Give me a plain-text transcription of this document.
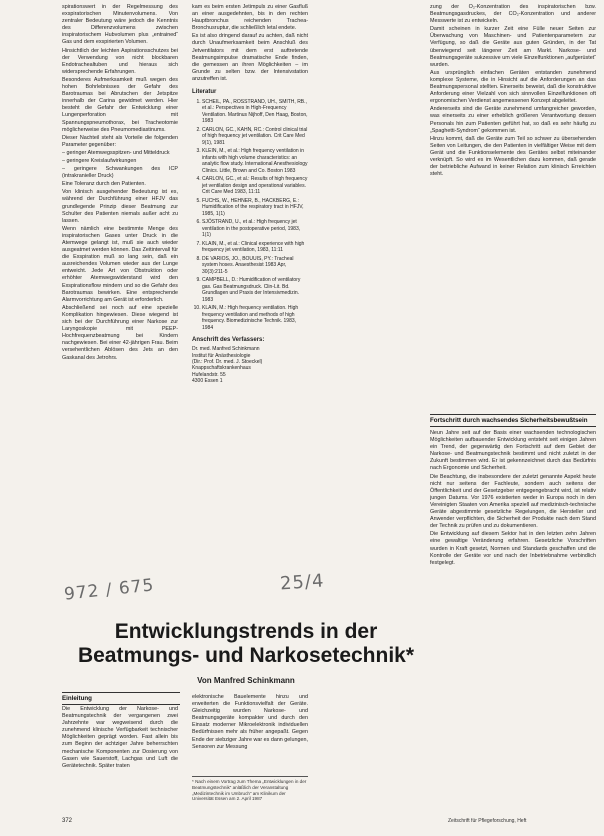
spirationswert in der Regelmessung des exspiratorischen Minutenvolumens. Von zentraler Bedeutung wäre jedoch die Kenntnis des Differenzvolumens zwischen inspiratorischem Hubvolumen plus „entrained“ Gas und dem exspirierten Volumen.

Hinsichtlich der leichten Aspirationsschutzes bei der Verwendung von nicht blockbaren Endotrachealtuben und hieraus sich widersprechende Erfahrungen.

Besonderes Aufmerksamkeit muß wegen des hohen Bohrlebnisses der Gefahr des Barotraumas bei Abrutschen der Jetspitze innerhalb der Carina gewidmet werden. Hier besteht die Gefahr der Entwicklung einer Lungenperforation mit Spannungspneumothorax, bei Tracheotomie möglicherweise des Pneumomediastinums.

Dieser Nachteil steht als Vorteile die folgenden Parameter gegenüber:

– geringer Atemwegsspitzen- und Mitteldruck

– geringere Kreislaufwirkungen

– geringere Schwankungen des ICP (intrakranieller Druck)

Eine Toleranz durch den Patienten.

Von klinisch ausgehender Bedeutung ist es, während der Durchführung einer HFJV das grundlegende Prinzip dieser Beatmung zur Schulter des Patienten niemals außer acht zu lassen.

Wenn nämlich eine bestimmte Menge des inspiratorischen Gases unter Druck in die Atemwege gelangt ist, muß sie auch wieder ausgeatmet werden können. Das Zeitintervall für die Exspiration muß so lang sein, daß ein ausreichendes Volumen wieder aus der Lunge entweicht. Jede Art von Obstruktion oder erhöhter Atemwegswiderstand wird den Exspirationsflow mindern und so die Gefahr des Barotraumas bewirken. Eine entsprechende Alarmvorrichtung am Gerät ist erforderlich.

Abschließend sei noch auf eine spezielle Komplikation hingewiesen. Diese wiegend ist sich bei der Durchführung einer Narkose zur Laryngoskopie mit PEEP-Hochfrequenzbeatmung bei Kindern nachgewiesen. Bei einer 42-jährigen Frau. Beim versehentlichen Ablösen des Jets an den Gaskanal des Jetrohrs.

kam es beim ersten Jetimpuls zu einer Gasfluß an einer ausgedehnten, bis in den rechten Hauptbronchus reichenden Trachea-Bronchusruptur, die schließlich letal endete.

Es ist also dringend darauf zu achten, daß nicht durch Unaufmerksamkeit beim Anschluß des Jetventilators mit dem erst auftretende Beatmungsimpulse dramatische Ende finden, die gemessen an ihren Möglichkeiten – im Grunde zu selten bzw. der Intensivstation anzutreffen ist.

Literatur
1. SCHEIL, PA., ROSSTRAND, UH., SMITH, RB., et al.: Perspectives in High-Frequency Ventilation. Martinus Nijhoff, Den Haag, Boston, 1983
2. CARLON, GC., KAHN, RC.: Control clinical trial of high frequency jet ventilation. Crit Care Med 9(1), 1981
3. KLEIN, M., et al.: High frequency ventilation in infants with high volume characteristics: an analytic flow study. International Anesthesiology Clinics. Little, Brown and Co. Boston 1983
4. CARLON, GC., et al.: Results of high frequency jet ventilation design and operational variables. Crit Care Med 1983, 11:11
5. FUCHS, W., HEHNER, B., HACKBERG, E.: Humidification of the respiratory tract in HFJV, 1985, 1(1)
6. SJÖSTRAND, U., et al.: High frequency jet ventilation in the postoperative period, 1983, 1(1)
7. KLAIN, M., et al.: Clinical experience with high frequency jet ventilation, 1983, 11:11
8. DE VARIOS, JO., BOUUIS, PY.: Tracheal system hoses. Anaesthesist 1983 Apr, 30(3):211-5
9. CAMPBELL, D.: Humidification of ventilatory gas. Gas Beatmungsdruck. Clin-Lit. Bd. Grundlagen und Praxis der Intensivmedizin. 1983
10. KLAIN, M.: High frequency ventilation. High frequency ventilation and methods of high frequency. Biomedizinische Technik. 1983, 1984
Anschrift des Verfassers:
Dr. med. Manfred Schinkmann
Institut für Anästhesiologie
(Dir.: Prof. Dr. med. J. Stoeckel)
Knappschaftskrankenhaus
Hufelandstr. 55
4300 Essen 1

zung der O₂-Konzentration des inspiratorischen bzw. Beatmungsgasdruckes, der CO₂-Konzentration und anderer Messwerte ist zu entwickeln.

Damit scheinen in kurzer Zeit eine Fülle neuer Seiten zur Überwachung von Maschinen- und Patientenparametern zur Verfügung, so daß die Geräte aus guten Gründen, in der Tat überwiegend seit längerer Zeit am Markt. Narkose- und Beatmungsgeräte sukzessive um viele Einzelfunktionen „aufgerüstet“ wurden.

Aus ursprünglich einfachen Geräten entstanden zunehmend komplexe Systeme, die in Hinsicht auf die Anforderungen an das Beatmungspersonal stellten. Einerseits beweist, daß die konstruktive Anforderung einer Vielzahl von sich sinnvollen Einzelfunktionen oft ergonomischen Verdienst angemessenen Konzept abgeleitet.

Andererseits sind die Geräte zunehmend umfangreicher geworden, was einerseits zu einer erheblich größeren Verantwortung dessen Personals hin zum Patienten geführt hat, so daß es sehr häufig zu „Spaghetti-Syndrom“ gekommen ist.

Hinzu kommt, daß die Geräte zum Teil so schwer zu übersehenden Seiten von Leitungen, die den Patienten in vielfältiger Weise mit dem Gerät und die Funktionselemente des Gerätes selbst miteinander verknüpft. So wird es im Wesentlichen dazu kommen, daß gerade der betriebliche Aufwand in keiner Relation zum klinisch Erreichten steht.

Fortschritt durch wachsendes Sicherheitsbewußtsein

Neun Jahre seit auf der Basis einer wachsenden technologischen Möglichkeiten aufbauender Entwicklung entsteht seit einigen Jahren ein Trend, der gegenwärtig den Fortschritt auf dem Gebiet der Narkose- und Beatmungstechnik bestimmt und nicht zuletzt in der Zukunft bestimmen wird. Er ist gekennzeichnet durch das Bedürfnis nach Ergonomie und Sicherheit.

Die Beachtung, die insbesondere der zuletzt genannte Aspekt heute nicht nur seitens der Fachleute, sondern auch seitens der Öffentlichkeit und der Gesetzgeber entgegengebracht wird, ist relativ jungen Datums. Vor 1976 existierten weder in Europa noch in den Vereinigten Staaten von Amerika speziell auf medizinisch-technische Geräte abgestimmte gesetzliche Regelungen, die Hersteller und Anwender verpflichten, die Sicherheit der Produkte nach dem Stand der Technik zu prüfen und zu dokumentieren.

Die Entwicklung auf diesem Sektor hat in den letzten zehn Jahren eine gewaltige Veränderung erfahren. Gesetzliche Vorschriften wurden in Kraft gesetzt, Normen und Standards geschaffen und die Kontrolle der Geräte vor und nach der Inbetriebnahme verbindlich festgelegt.

972 / 675	25/4
Entwicklungstrends in der Beatmungs- und Narkosetechnik*
Von Manfred Schinkmann
Einleitung
Die Entwicklung der Narkose- und Beatmungstechnik der vergangenen zwei Jahrzehnte war wegweisend durch die zunehmend klinische Verfügbarkeit technischer Möglichkeiten geprägt worden. Fast allein bis zum Beginn der achtziger Jahre beherrschten mechanische Komponenten zur Dosierung von Gasen wie Sauerstoff, Lachgas und Luft die Gerätetechnik. Später traten
elektronische Bauelemente hinzu und erweiterten die Funktionsvielfalt der Geräte. Gleichzeitig wurden Narkose- und Beatmungsgeräte kompakter und durch den Einsatz moderner Mikroelektronik individuellen Bedürfnissen mehr als früher angepaßt. Gegen Ende der siebziger Jahre war es dann gelungen, Sensoren zur Messung
* Nach einem Vortrag zum Thema „Entwicklungen in der Beatmungstechnik“ anläßlich der Veranstaltung „Medizintechnik im Umbruch“ am Klinikum der Universität Essen am 2. April 1987
372	Zeitschrift für Pflegeforschung, Heft
